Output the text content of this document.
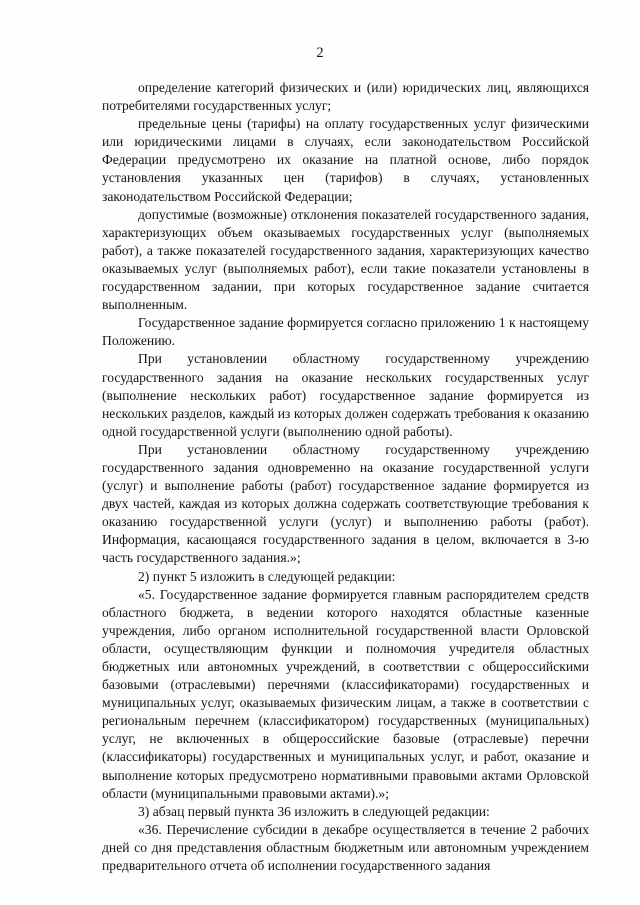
2

определение категорий физических и (или) юридических лиц, являющихся потребителями государственных услуг;

предельные цены (тарифы) на оплату государственных услуг физическими или юридическими лицами в случаях, если законодательством Российской Федерации предусмотрено их оказание на платной основе, либо порядок установления указанных цен (тарифов) в случаях, установленных законодательством Российской Федерации;

допустимые (возможные) отклонения показателей государственного задания, характеризующих объем оказываемых государственных услуг (выполняемых работ), а также показателей государственного задания, характеризующих качество оказываемых услуг (выполняемых работ), если такие показатели установлены в государственном задании, при которых государственное задание считается выполненным.

Государственное задание формируется согласно приложению 1 к настоящему Положению.

При установлении областному государственному учреждению государственного задания на оказание нескольких государственных услуг (выполнение нескольких работ) государственное задание формируется из нескольких разделов, каждый из которых должен содержать требования к оказанию одной государственной услуги (выполнению одной работы).

При установлении областному государственному учреждению государственного задания одновременно на оказание государственной услуги (услуг) и выполнение работы (работ) государственное задание формируется из двух частей, каждая из которых должна содержать соответствующие требования к оказанию государственной услуги (услуг) и выполнению работы (работ). Информация, касающаяся государственного задания в целом, включается в 3-ю часть государственного задания.»;

2) пункт 5 изложить в следующей редакции:

«5. Государственное задание формируется главным распорядителем средств областного бюджета, в ведении которого находятся областные казенные учреждения, либо органом исполнительной государственной власти Орловской области, осуществляющим функции и полномочия учредителя областных бюджетных или автономных учреждений, в соответствии с общероссийскими базовыми (отраслевыми) перечнями (классификаторами) государственных и муниципальных услуг, оказываемых физическим лицам, а также в соответствии с региональным перечнем (классификатором) государственных (муниципальных) услуг, не включенных в общероссийские базовые (отраслевые) перечни (классификаторы) государственных и муниципальных услуг, и работ, оказание и выполнение которых предусмотрено нормативными правовыми актами Орловской области (муниципальными правовыми актами).»;

3) абзац первый пункта 36 изложить в следующей редакции:

«36. Перечисление субсидии в декабре осуществляется в течение 2 рабочих дней со дня представления областным бюджетным или автономным учреждением предварительного отчета об исполнении государственного задания
